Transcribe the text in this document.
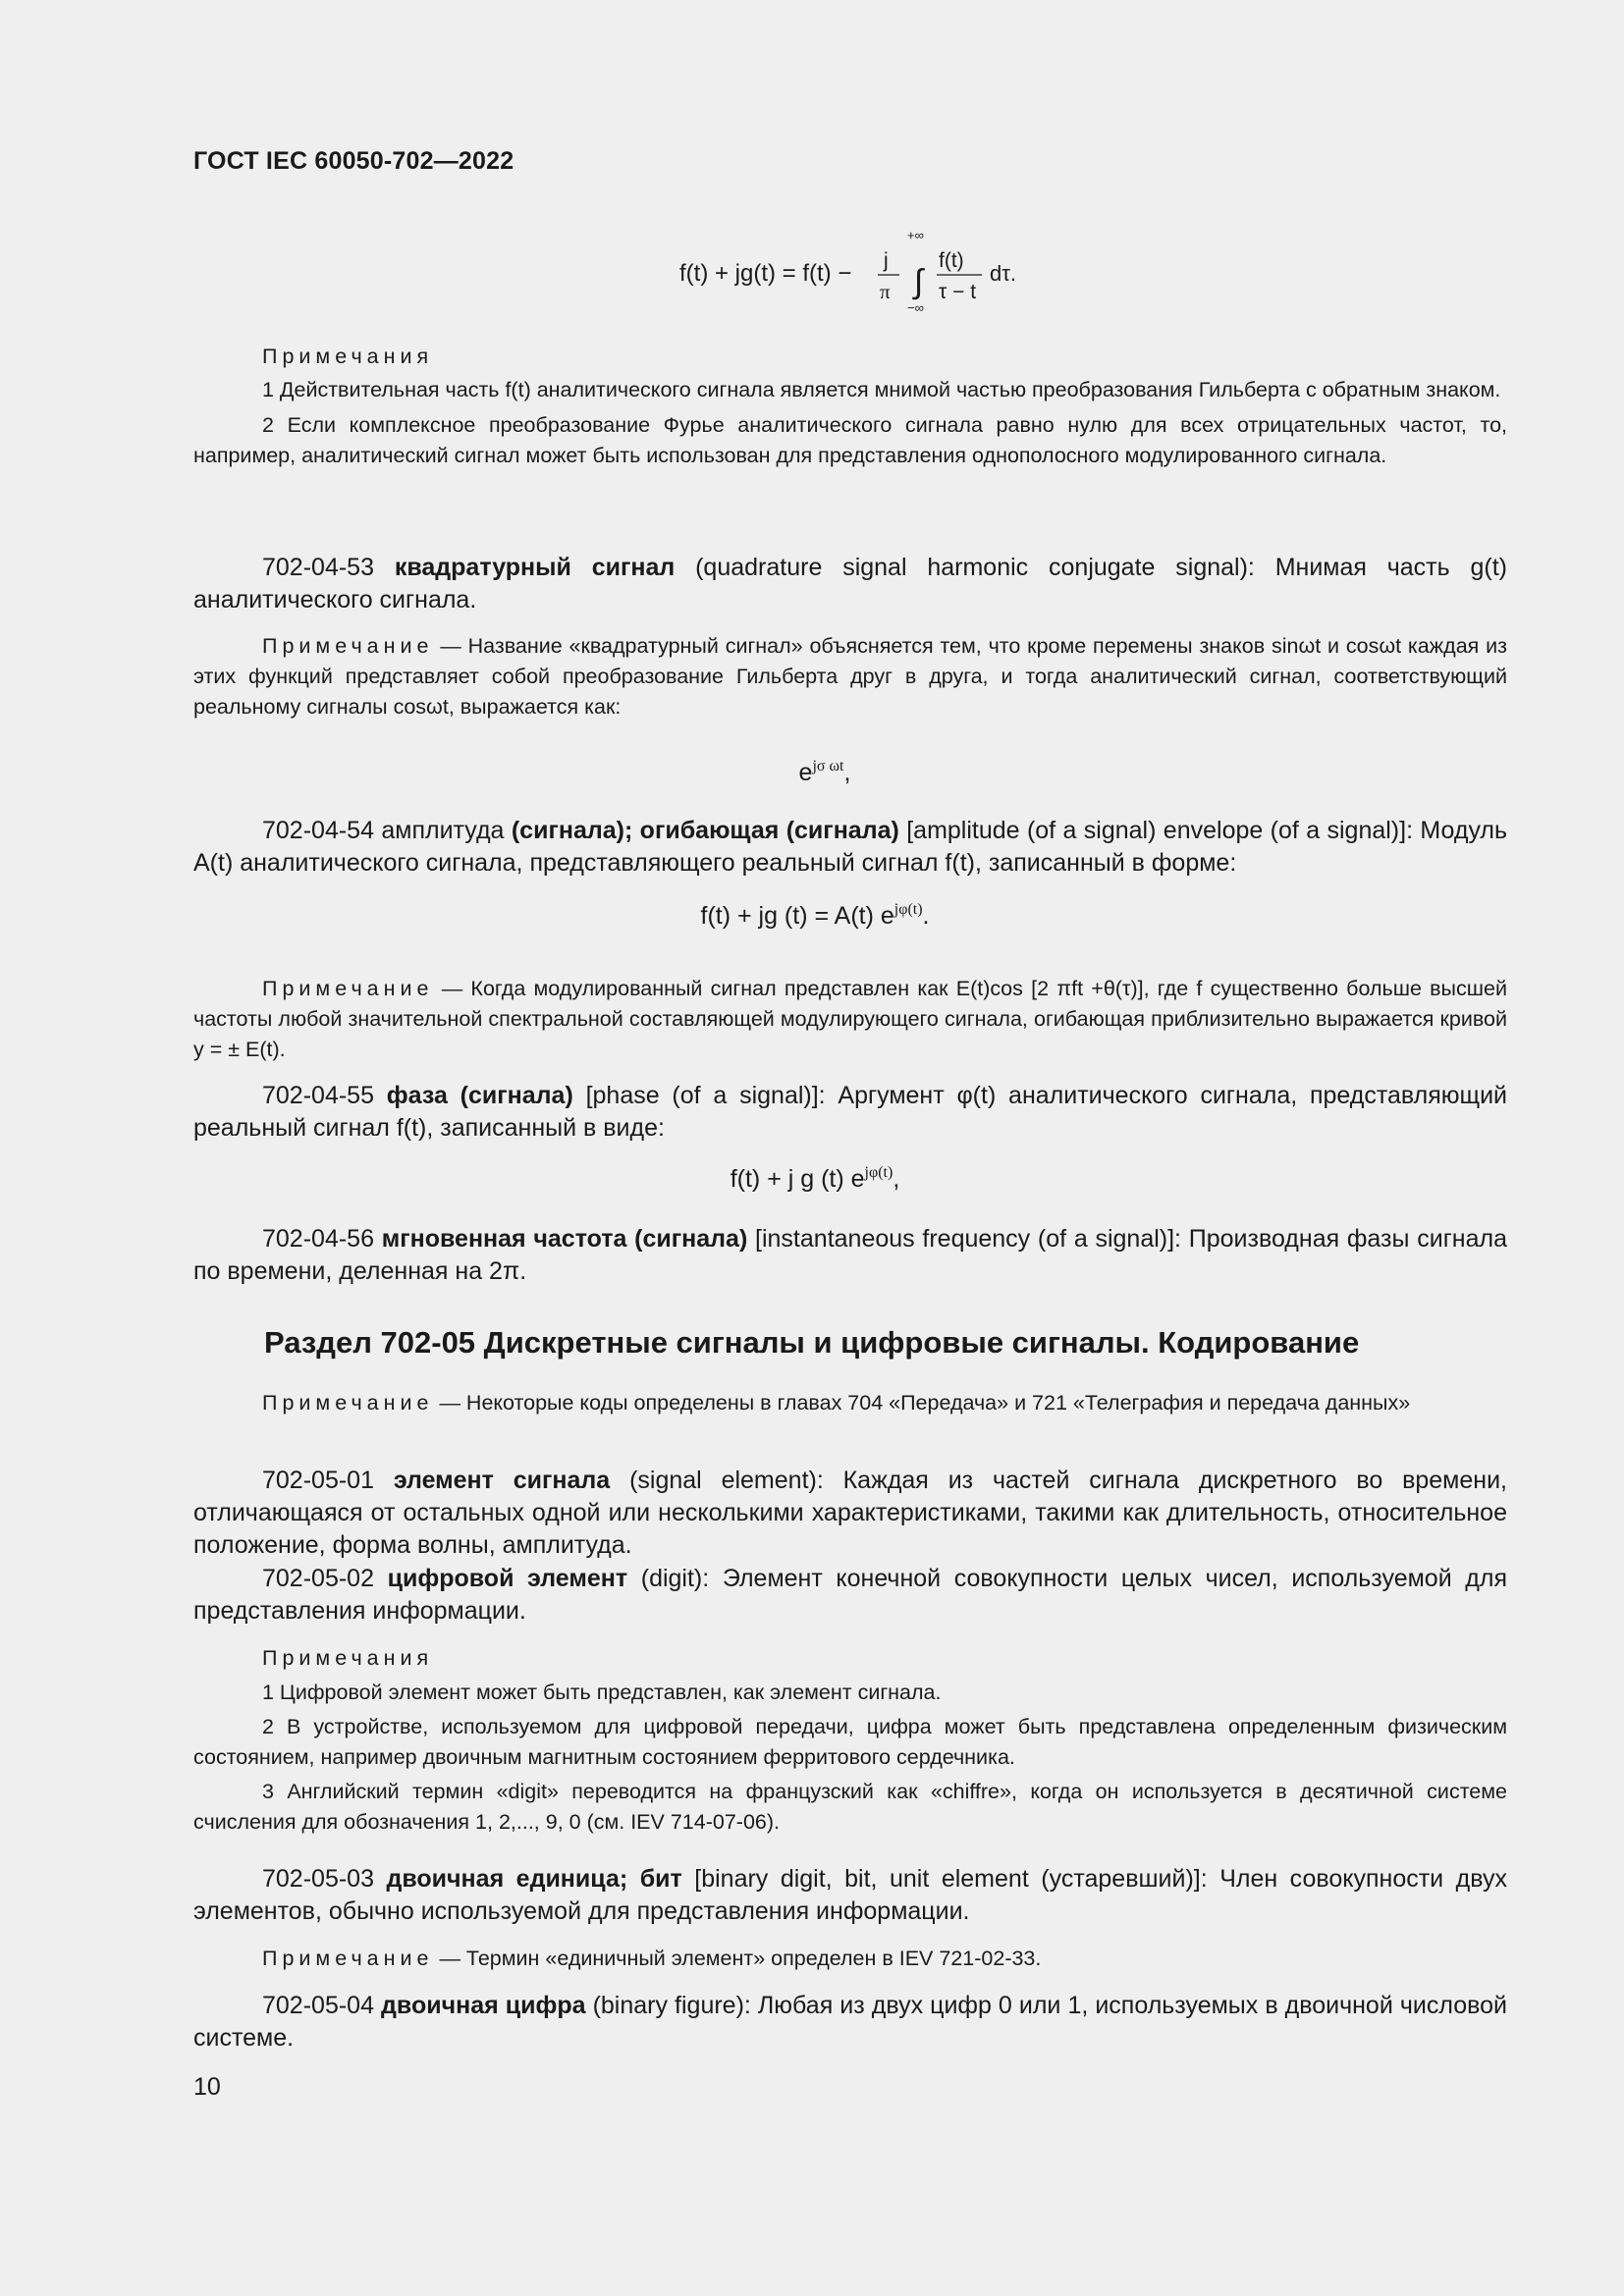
ГОСТ IEC 60050-702—2022
f(t) + jg(t) = f(t) − j
π
+∞
∫
−∞
f(t)
τ − t
dτ.

Примечания

1 Действительная часть f(t) аналитического сигнала является мнимой частью преобразования Гильберта с обратным знаком.

2 Если комплексное преобразование Фурье аналитического сигнала равно нулю для всех отрицательных частот, то, например, аналитический сигнал может быть использован для представления однополосного модулированного сигнала.

702-04-53 квадратурный сигнал (quadrature signal harmonic conjugate signal): Мнимая часть g(t) аналитического сигнала.

Примечание — Название «квадратурный сигнал» объясняется тем, что кроме перемены знаков sinωt и cosωt каждая из этих функций представляет собой преобразование Гильберта друг в друга, и тогда аналитический сигнал, соответствующий реальному сигналы cosωt, выражается как:

$e^{j\sigma \omega t}$,

702-04-54 амплитуда (сигнала); огибающая (сигнала) [amplitude (of a signal) envelope (of a signal)]: Модуль A(t) аналитического сигнала, представляющего реальный сигнал f(t), записанный в форме:

f(t) + jg (t) = A(t) $e^{j\varphi(t)}$.

Примечание — Когда модулированный сигнал представлен как E(t)cos [2 πft +θ(τ)], где f существенно больше высшей частоты любой значительной спектральной составляющей модулирующего сигнала, огибающая приблизительно выражается кривой y = ± E(t).

702-04-55 фаза (сигнала) [phase (of a signal)]: Аргумент φ(t) аналитического сигнала, представляющий реальный сигнал f(t), записанный в виде:

f(t) + j g (t) $e^{j\varphi(t)}$,

702-04-56 мгновенная частота (сигнала) [instantaneous frequency (of a signal)]: Производная фазы сигнала по времени, деленная на 2π.

Раздел 702-05 Дискретные сигналы и цифровые сигналы. Кодирование

Примечание — Некоторые коды определены в главах 704 «Передача» и 721 «Телеграфия и передача данных»

702-05-01 элемент сигнала (signal element): Каждая из частей сигнала дискретного во времени, отличающаяся от остальных одной или несколькими характеристиками, такими как длительность, относительное положение, форма волны, амплитуда.

702-05-02 цифровой элемент (digit): Элемент конечной совокупности целых чисел, используемой для представления информации.

Примечания

1 Цифровой элемент может быть представлен, как элемент сигнала.

2 В устройстве, используемом для цифровой передачи, цифра может быть представлена определенным физическим состоянием, например двоичным магнитным состоянием ферритового сердечника.

3 Английский термин «digit» переводится на французский как «chiffre», когда он используется в десятичной системе счисления для обозначения 1, 2,..., 9, 0 (см. IEV 714-07-06).

702-05-03 двоичная единица; бит [binary digit, bit, unit element (устаревший)]: Член совокупности двух элементов, обычно используемой для представления информации.

Примечание — Термин «единичный элемент» определен в IEV 721-02-33.

702-05-04 двоичная цифра (binary figure): Любая из двух цифр 0 или 1, используемых в двоичной числовой системе.

10
